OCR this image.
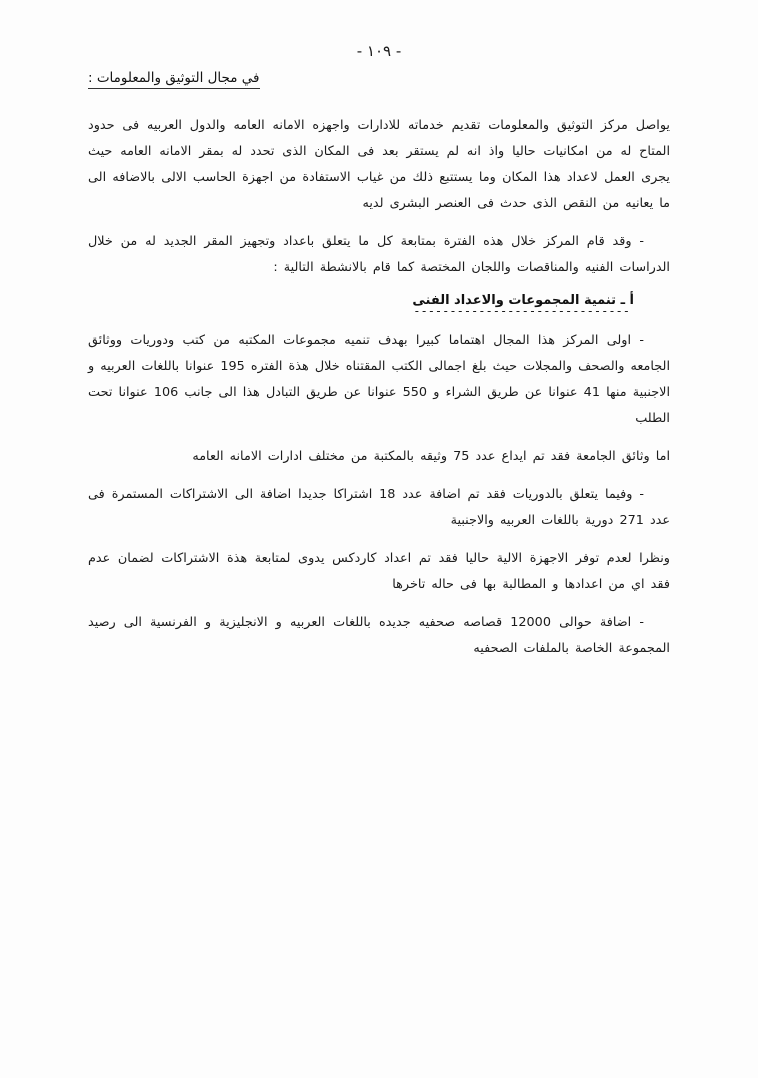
- ١٠٩ -
في مجال التوثيق والمعلومات :

يواصل مركز التوثيق والمعلومات تقديم خدماته للادارات واجهزه الامانه العامه والدول العربيه فى حدود المتاح له من امكانيات حاليا واذ انه لم يستقر بعد فى المكان الذى تحدد له بمقر الامانه العامه حيث يجرى العمل لاعداد هذا المكان وما يستتبع ذلك من غياب الاستفادة من اجهزة الحاسب الالى بالاضافه الى ما يعانيه من النقص الذى حدث فى العنصر البشرى لديه

- وقد قام المركز خلال هذه الفترة بمتابعة كل ما يتعلق باعداد وتجهيز المقر الجديد له من خلال الدراسات الفنيه والمناقصات واللجان المختصة كما قام بالانشطة التالية :

أ ـ تنمية المجموعات والاعداد الفنى
------------------------------

- اولى المركز هذا المجال اهتماما كبيرا بهدف تنميه مجموعات المكتبه من كتب ودوريات ووثائق الجامعه والصحف والمجلات حيث بلغ اجمالى الكتب المقتناه خلال هذة الفتره 195 عنوانا باللغات العربيه و الاجنبية منها 41 عنوانا عن طريق الشراء و 550 عنوانا عن طريق التبادل هذا الى جانب 106 عنوانا تحت الطلب

اما وثائق الجامعة فقد تم ايداع عدد 75 وثيقه بالمكتبة من مختلف ادارات الامانه العامه

- وفيما يتعلق بالدوريات فقد تم اضافة عدد 18 اشتراكا جديدا اضافة الى الاشتراكات المستمرة فى عدد 271 دورية باللغات العربيه والاجنبية

ونظرا لعدم توفر الاجهزة الالية حاليا فقد تم اعداد كاردكس يدوى لمتابعة هذة الاشتراكات لضمان عدم فقد اي من اعدادها و المطالبة بها فى حاله تاخرها

- اضافة حوالى 12000 قصاصه صحفيه جديده باللغات العربيه و الانجليزية و الفرنسية الى رصيد المجموعة الخاصة بالملفات الصحفيه
